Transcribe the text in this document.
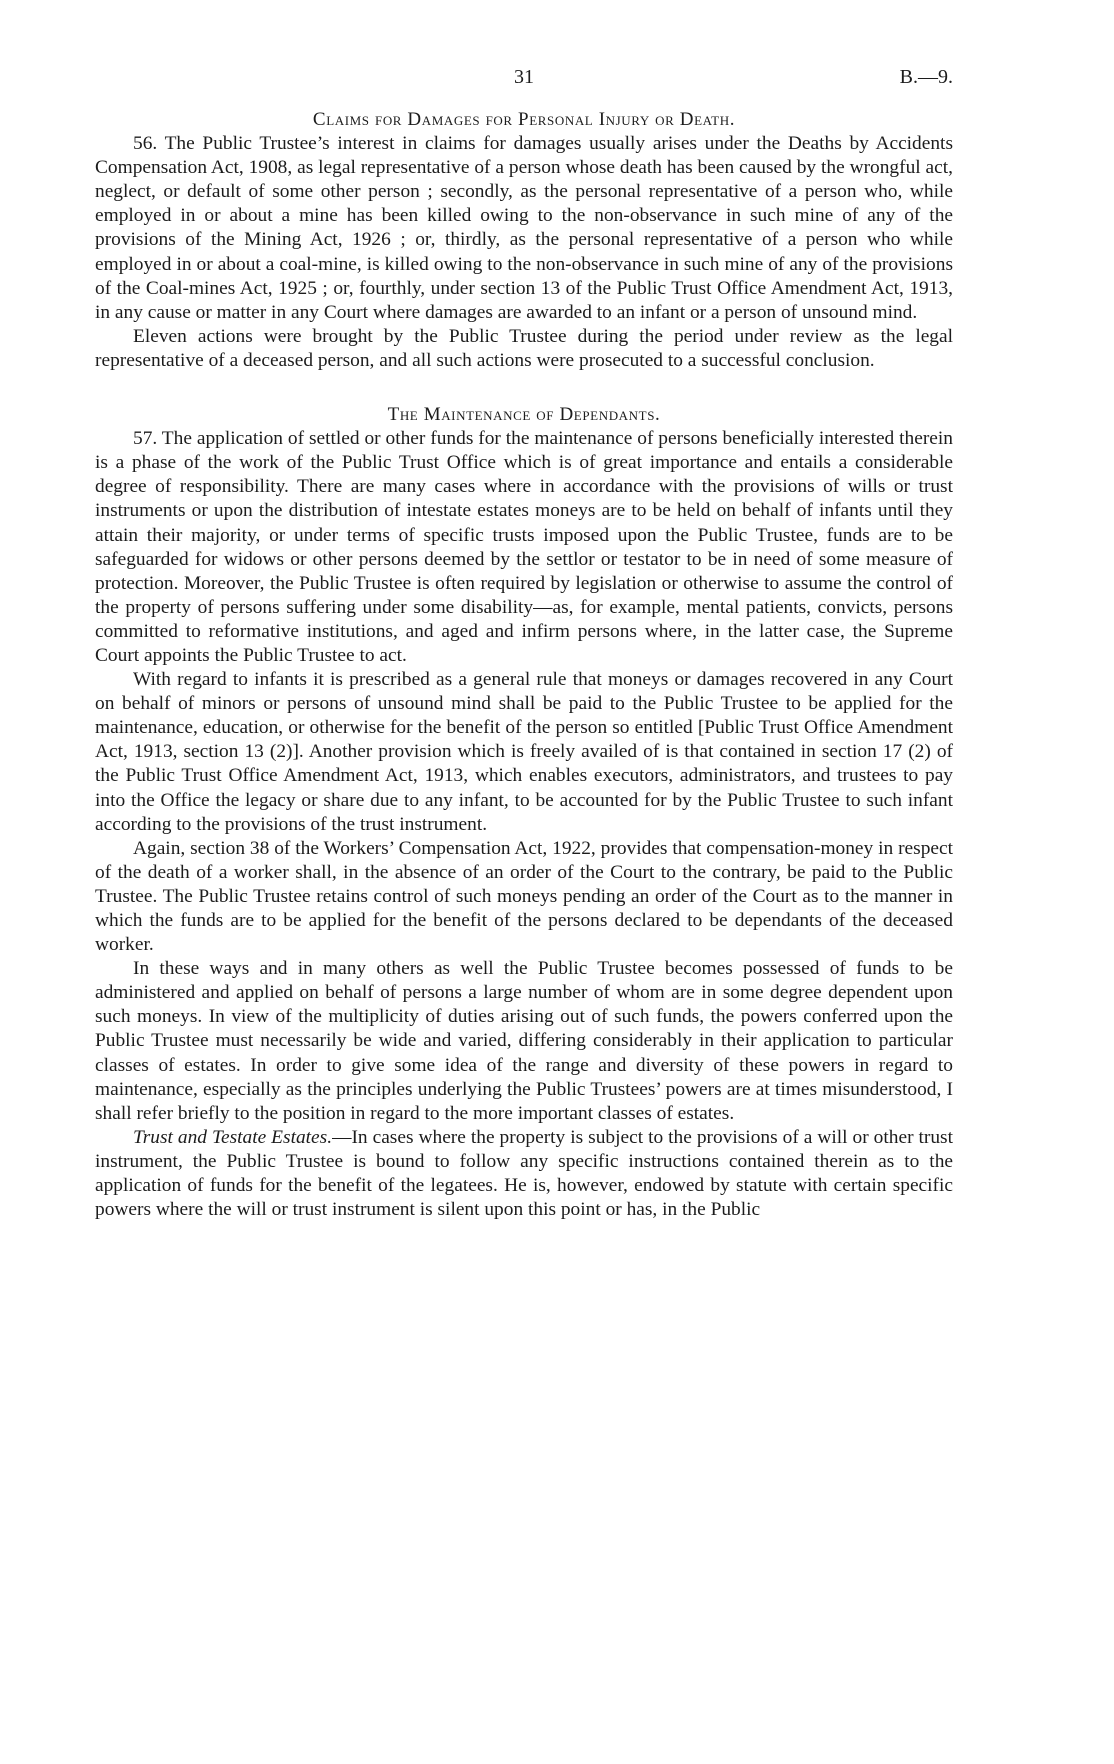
31	B.—9.

Claims for Damages for Personal Injury or Death.

56. The Public Trustee’s interest in claims for damages usually arises under the Deaths by Accidents Compensation Act, 1908, as legal representative of a person whose death has been caused by the wrongful act, neglect, or default of some other person ; secondly, as the personal representative of a person who, while employed in or about a mine has been killed owing to the non-observance in such mine of any of the provisions of the Mining Act, 1926 ; or, thirdly, as the personal representative of a person who while employed in or about a coal-mine, is killed owing to the non-observance in such mine of any of the provisions of the Coal-mines Act, 1925 ; or, fourthly, under section 13 of the Public Trust Office Amendment Act, 1913, in any cause or matter in any Court where damages are awarded to an infant or a person of unsound mind.

Eleven actions were brought by the Public Trustee during the period under review as the legal representative of a deceased person, and all such actions were prosecuted to a successful conclusion.

The Maintenance of Dependants.

57. The application of settled or other funds for the maintenance of persons beneficially interested therein is a phase of the work of the Public Trust Office which is of great importance and entails a considerable degree of responsibility. There are many cases where in accordance with the provisions of wills or trust instruments or upon the distribution of intestate estates moneys are to be held on behalf of infants until they attain their majority, or under terms of specific trusts imposed upon the Public Trustee, funds are to be safeguarded for widows or other persons deemed by the settlor or testator to be in need of some measure of protection. Moreover, the Public Trustee is often required by legislation or otherwise to assume the control of the property of persons suffering under some disability—as, for example, mental patients, convicts, persons committed to reformative institutions, and aged and infirm persons where, in the latter case, the Supreme Court appoints the Public Trustee to act.

With regard to infants it is prescribed as a general rule that moneys or damages recovered in any Court on behalf of minors or persons of unsound mind shall be paid to the Public Trustee to be applied for the maintenance, education, or otherwise for the benefit of the person so entitled [Public Trust Office Amendment Act, 1913, section 13 (2)]. Another provision which is freely availed of is that contained in section 17 (2) of the Public Trust Office Amendment Act, 1913, which enables executors, administrators, and trustees to pay into the Office the legacy or share due to any infant, to be accounted for by the Public Trustee to such infant according to the provisions of the trust instrument.

Again, section 38 of the Workers’ Compensation Act, 1922, provides that compensation-money in respect of the death of a worker shall, in the absence of an order of the Court to the contrary, be paid to the Public Trustee. The Public Trustee retains control of such moneys pending an order of the Court as to the manner in which the funds are to be applied for the benefit of the persons declared to be dependants of the deceased worker.

In these ways and in many others as well the Public Trustee becomes possessed of funds to be administered and applied on behalf of persons a large number of whom are in some degree dependent upon such moneys. In view of the multiplicity of duties arising out of such funds, the powers conferred upon the Public Trustee must necessarily be wide and varied, differing considerably in their application to particular classes of estates. In order to give some idea of the range and diversity of these powers in regard to maintenance, especially as the principles underlying the Public Trustees’ powers are at times misunderstood, I shall refer briefly to the position in regard to the more important classes of estates.

Trust and Testate Estates.—In cases where the property is subject to the provisions of a will or other trust instrument, the Public Trustee is bound to follow any specific instructions contained therein as to the application of funds for the benefit of the legatees. He is, however, endowed by statute with certain specific powers where the will or trust instrument is silent upon this point or has, in the Public
